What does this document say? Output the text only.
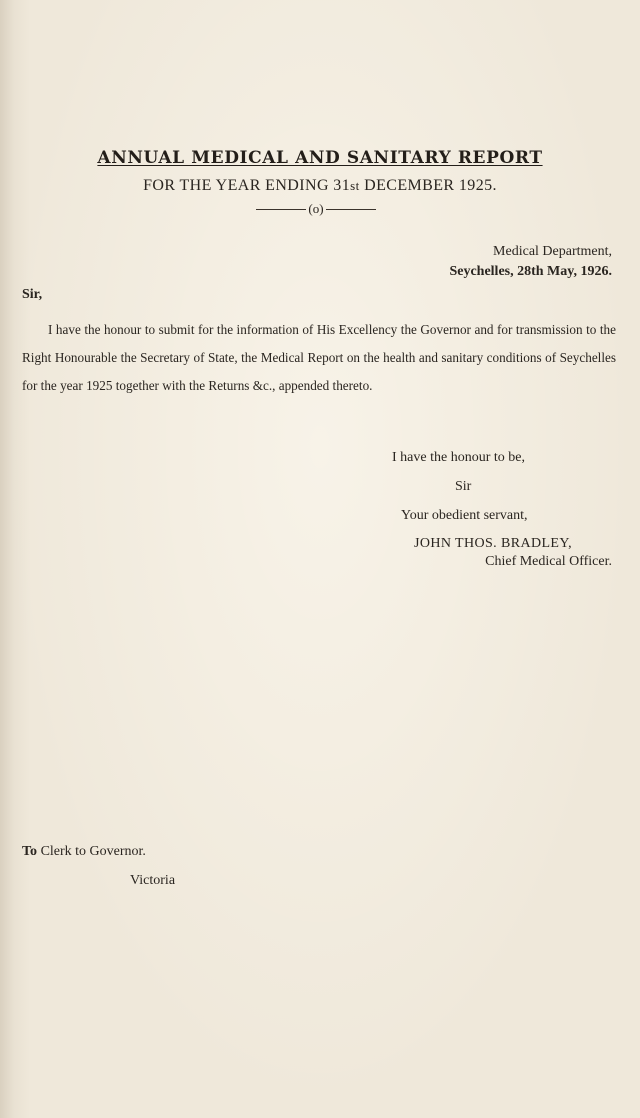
ANNUAL MEDICAL AND SANITARY REPORT
FOR THE YEAR ENDING 31st DECEMBER 1925.
(o)
Medical Department,
Seychelles, 28th May, 1926.
Sir,
I have the honour to submit for the information of His Excellency the Governor and for transmission to the Right Honourable the Secretary of State, the Medical Report on the health and sanitary conditions of Seychelles for the year 1925 together with the Returns &c., appended thereto.
I have the honour to be,
Sir
Your obedient servant,
JOHN THOS. BRADLEY,
Chief Medical Officer.
To Clerk to Governor.
Victoria
